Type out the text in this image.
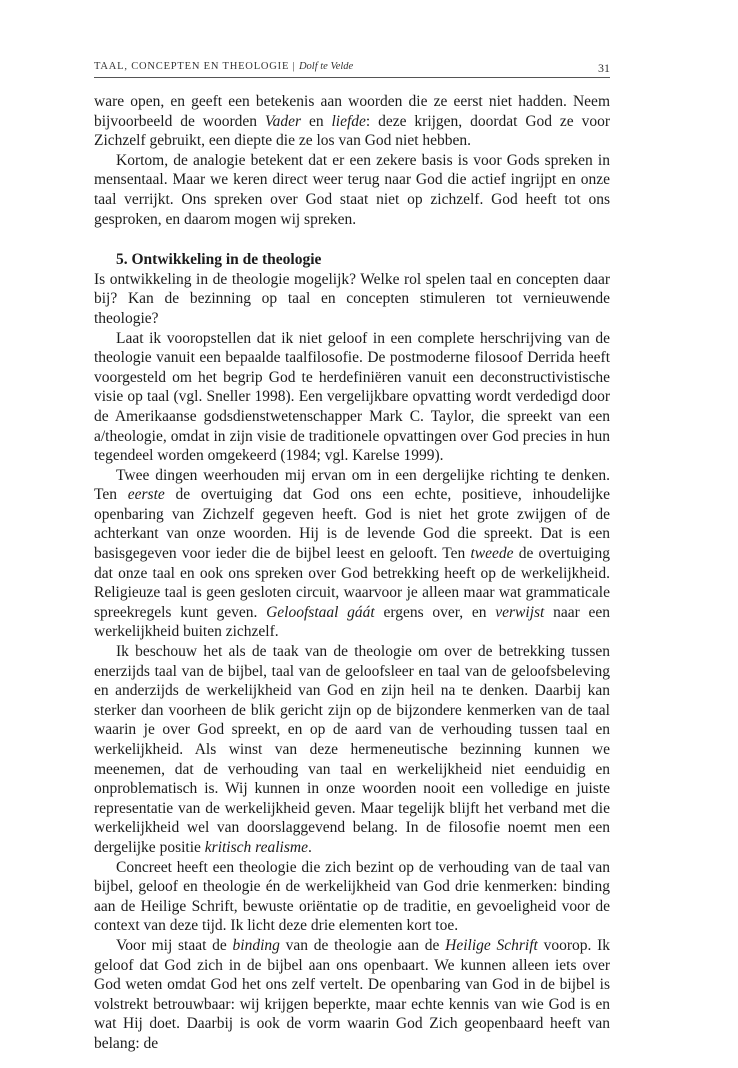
TAAL, CONCEPTEN EN THEOLOGIE | Dolf te Velde	31

ware open, en geeft een betekenis aan woorden die ze eerst niet hadden. Neem bijvoorbeeld de woorden Vader en liefde: deze krijgen, doordat God ze voor Zichzelf gebruikt, een diepte die ze los van God niet hebben.

Kortom, de analogie betekent dat er een zekere basis is voor Gods spreken in mensentaal. Maar we keren direct weer terug naar God die actief ingrijpt en onze taal verrijkt. Ons spreken over God staat niet op zichzelf. God heeft tot ons gesproken, en daarom mogen wij spreken.

5. Ontwikkeling in de theologie

Is ontwikkeling in de theologie mogelijk? Welke rol spelen taal en concepten daar bij? Kan de bezinning op taal en concepten stimuleren tot vernieuwende theologie?

Laat ik vooropstellen dat ik niet geloof in een complete herschrijving van de theologie vanuit een bepaalde taalfilosofie. De postmoderne filosoof Derrida heeft voorgesteld om het begrip God te herdefiniëren vanuit een deconstructivistische visie op taal (vgl. Sneller 1998). Een vergelijkbare opvatting wordt verdedigd door de Amerikaanse godsdienstwetenschapper Mark C. Taylor, die spreekt van een a/theologie, omdat in zijn visie de traditionele opvattingen over God precies in hun tegendeel worden omgekeerd (1984; vgl. Karelse 1999).

Twee dingen weerhouden mij ervan om in een dergelijke richting te denken. Ten eerste de overtuiging dat God ons een echte, positieve, inhoudelijke openbaring van Zichzelf gegeven heeft. God is niet het grote zwijgen of de achterkant van onze woorden. Hij is de levende God die spreekt. Dat is een basisgegeven voor ieder die de bijbel leest en gelooft. Ten tweede de overtuiging dat onze taal en ook ons spreken over God betrekking heeft op de werkelijkheid. Religieuze taal is geen gesloten circuit, waarvoor je alleen maar wat grammaticale spreekregels kunt geven. Geloofstaal gáát ergens over, en verwijst naar een werkelijkheid buiten zichzelf.

Ik beschouw het als de taak van de theologie om over de betrekking tussen enerzijds taal van de bijbel, taal van de geloofsleer en taal van de geloofsbeleving en anderzijds de werkelijkheid van God en zijn heil na te denken. Daarbij kan sterker dan voorheen de blik gericht zijn op de bijzondere kenmerken van de taal waarin je over God spreekt, en op de aard van de verhouding tussen taal en werkelijkheid. Als winst van deze hermeneutische bezinning kunnen we meenemen, dat de verhouding van taal en werkelijkheid niet eenduidig en onproblematisch is. Wij kunnen in onze woorden nooit een volledige en juiste representatie van de werkelijkheid geven. Maar tegelijk blijft het verband met die werkelijkheid wel van doorslaggevend belang. In de filosofie noemt men een dergelijke positie kritisch realisme.

Concreet heeft een theologie die zich bezint op de verhouding van de taal van bijbel, geloof en theologie én de werkelijkheid van God drie kenmerken: binding aan de Heilige Schrift, bewuste oriëntatie op de traditie, en gevoeligheid voor de context van deze tijd. Ik licht deze drie elementen kort toe.

Voor mij staat de binding van de theologie aan de Heilige Schrift voorop. Ik geloof dat God zich in de bijbel aan ons openbaart. We kunnen alleen iets over God weten omdat God het ons zelf vertelt. De openbaring van God in de bijbel is volstrekt betrouwbaar: wij krijgen beperkte, maar echte kennis van wie God is en wat Hij doet. Daarbij is ook de vorm waarin God Zich geopenbaard heeft van belang: de
